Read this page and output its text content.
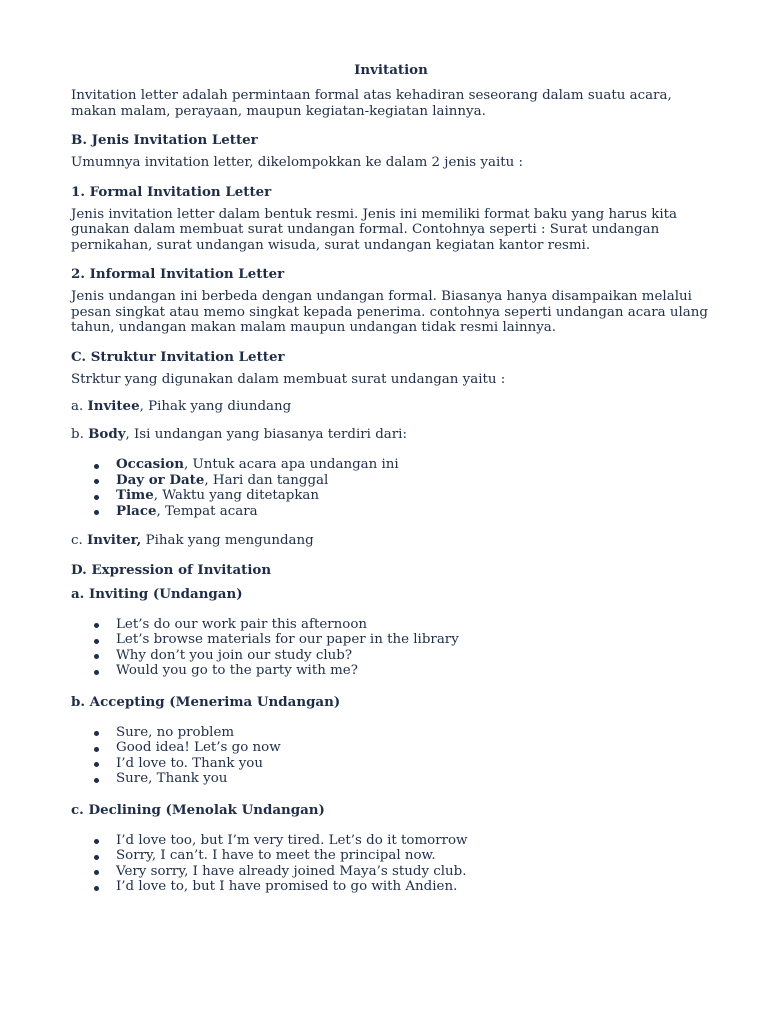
Invitation

Invitation letter adalah permintaan formal atas kehadiran seseorang dalam suatu acara, makan malam, perayaan, maupun kegiatan-kegiatan lainnya.

B. Jenis Invitation Letter

Umumnya invitation letter, dikelompokkan ke dalam 2 jenis yaitu :

1. Formal Invitation Letter

Jenis invitation letter dalam bentuk resmi. Jenis ini memiliki format baku yang harus kita gunakan dalam membuat surat undangan formal. Contohnya seperti : Surat undangan pernikahan, surat undangan wisuda, surat undangan kegiatan kantor resmi.

2. Informal Invitation Letter

Jenis undangan ini berbeda dengan undangan formal. Biasanya hanya disampaikan melalui pesan singkat atau memo singkat kepada penerima. contohnya seperti undangan acara ulang tahun, undangan makan malam maupun undangan tidak resmi lainnya.

C. Struktur Invitation Letter

Strktur yang digunakan dalam membuat surat undangan yaitu :

a. Invitee, Pihak yang diundang

b. Body, Isi undangan yang biasanya terdiri dari:

Occasion, Untuk acara apa undangan ini
Day or Date, Hari dan tanggal
Time, Waktu yang ditetapkan
Place, Tempat acara

c. Inviter, Pihak yang mengundang

D. Expression of Invitation
a. Inviting (Undangan)
Let’s do our work pair this afternoon
Let’s browse materials for our paper in the library
Why don’t you join our study club?
Would you go to the party with me?
b. Accepting (Menerima Undangan)
Sure, no problem
Good idea! Let’s go now
I’d love to. Thank you
Sure, Thank you
c. Declining (Menolak Undangan)
I’d love too, but I’m very tired. Let’s do it tomorrow
Sorry, I can’t. I have to meet the principal now.
Very sorry, I have already joined Maya’s study club.
I’d love to, but I have promised to go with Andien.
